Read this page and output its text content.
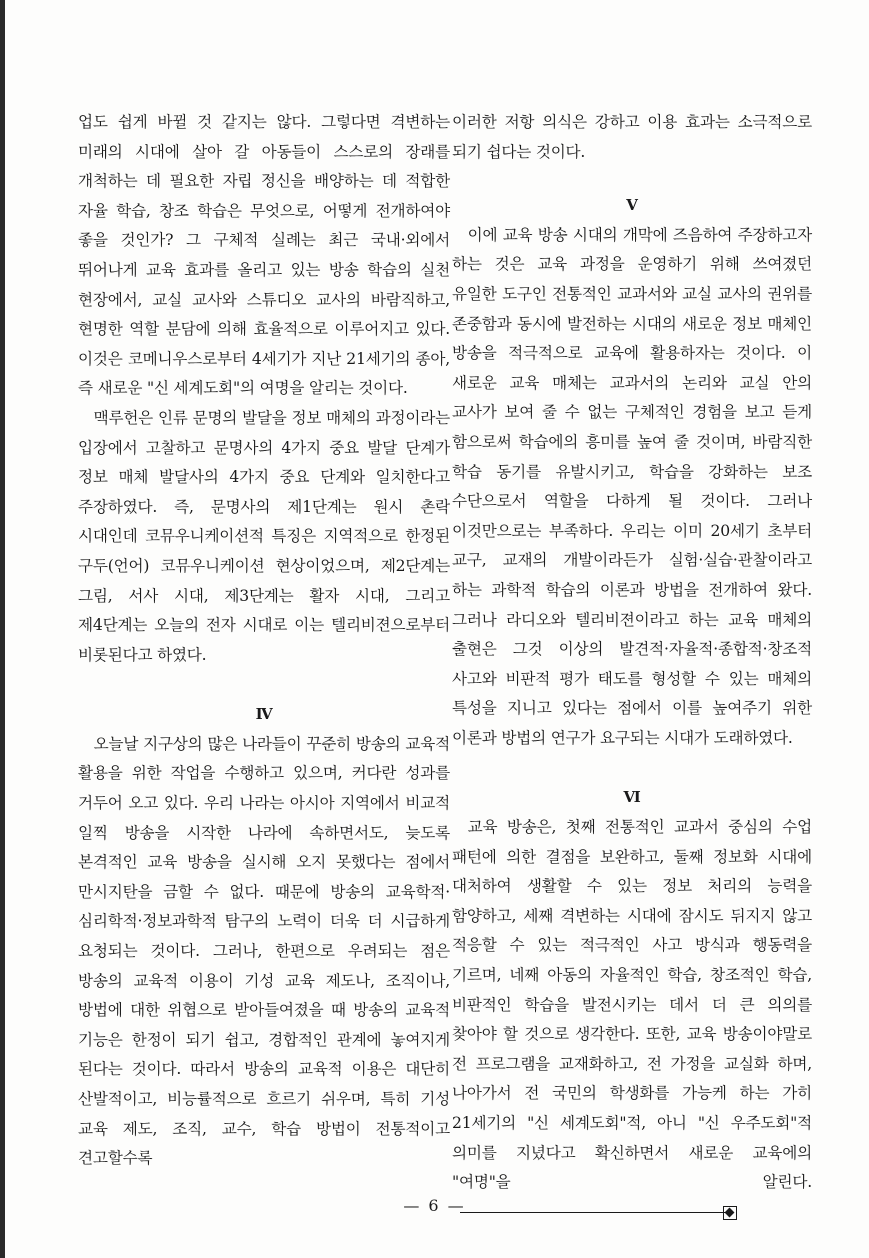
업도 쉽게 바뀔 것 같지는 않다. 그렇다면 격변하는 미래의 시대에 살아 갈 아동들이 스스로의 장래를 개척하는 데 필요한 자립 정신을 배양하는 데 적합한 자율 학습, 창조 학습은 무엇으로, 어떻게 전개하여야 좋을 것인가? 그 구체적 실례는 최근 국내·외에서 뛰어나게 교육 효과를 올리고 있는 방송 학습의 실천 현장에서, 교실 교사와 스튜디오 교사의 바람직하고, 현명한 역할 분담에 의해 효율적으로 이루어지고 있다. 이것은 코메니우스로부터 4세기가 지난 21세기의 종아, 즉 새로운 "신 세계도회"의 여명을 알리는 것이다.

맥루헌은 인류 문명의 발달을 정보 매체의 과정이라는 입장에서 고찰하고 문명사의 4가지 중요 발달 단계가 정보 매체 발달사의 4가지 중요 단계와 일치한다고 주장하였다. 즉, 문명사의 제1단계는 원시 촌락 시대인데 코뮤우니케이션적 특징은 지역적으로 한정된 구두(언어) 코뮤우니케이션 현상이었으며, 제2단계는 그림, 서사 시대, 제3단계는 활자 시대, 그리고 제4단계는 오늘의 전자 시대로 이는 텔리비젼으로부터 비롯된다고 하였다.

Ⅳ

오늘날 지구상의 많은 나라들이 꾸준히 방송의 교육적 활용을 위한 작업을 수행하고 있으며, 커다란 성과를 거두어 오고 있다. 우리 나라는 아시아 지역에서 비교적 일찍 방송을 시작한 나라에 속하면서도, 늦도록 본격적인 교육 방송을 실시해 오지 못했다는 점에서 만시지탄을 금할 수 없다. 때문에 방송의 교육학적·심리학적·정보과학적 탐구의 노력이 더욱 더 시급하게 요청되는 것이다. 그러나, 한편으로 우려되는 점은 방송의 교육적 이용이 기성 교육 제도나, 조직이나, 방법에 대한 위협으로 받아들여졌을 때 방송의 교육적 기능은 한정이 되기 쉽고, 경합적인 관계에 놓여지게 된다는 것이다. 따라서 방송의 교육적 이용은 대단히 산발적이고, 비능률적으로 흐르기 쉬우며, 특히 기성 교육 제도, 조직, 교수, 학습 방법이 전통적이고 견고할수록

이러한 저항 의식은 강하고 이용 효과는 소극적으로 되기 쉽다는 것이다.

Ⅴ

이에 교육 방송 시대의 개막에 즈음하여 주장하고자 하는 것은 교육 과정을 운영하기 위해 쓰여졌던 유일한 도구인 전통적인 교과서와 교실 교사의 권위를 존중함과 동시에 발전하는 시대의 새로운 정보 매체인 방송을 적극적으로 교육에 활용하자는 것이다. 이 새로운 교육 매체는 교과서의 논리와 교실 안의 교사가 보여 줄 수 없는 구체적인 경험을 보고 듣게 함으로써 학습에의 흥미를 높여 줄 것이며, 바람직한 학습 동기를 유발시키고, 학습을 강화하는 보조 수단으로서 역할을 다하게 될 것이다. 그러나 이것만으로는 부족하다. 우리는 이미 20세기 초부터 교구, 교재의 개발이라든가 실험·실습·관찰이라고 하는 과학적 학습의 이론과 방법을 전개하여 왔다. 그러나 라디오와 텔리비젼이라고 하는 교육 매체의 출현은 그것 이상의 발견적·자율적·종합적·창조적 사고와 비판적 평가 태도를 형성할 수 있는 매체의 특성을 지니고 있다는 점에서 이를 높여주기 위한 이론과 방법의 연구가 요구되는 시대가 도래하였다.

Ⅵ

교육 방송은, 첫째 전통적인 교과서 중심의 수업 패턴에 의한 결점을 보완하고, 둘째 정보화 시대에 대처하여 생활할 수 있는 정보 처리의 능력을 함양하고, 세째 격변하는 시대에 잠시도 뒤지지 않고 적응할 수 있는 적극적인 사고 방식과 행동력을 기르며, 네째 아동의 자율적인 학습, 창조적인 학습, 비판적인 학습을 발전시키는 데서 더 큰 의의를 찾아야 할 것으로 생각한다. 또한, 교육 방송이야말로 전 프로그램을 교재화하고, 전 가정을 교실화 하며, 나아가서 전 국민의 학생화를 가능케 하는 가히 21세기의 "신 세계도회"적, 아니 "신 우주도회"적 의미를 지녔다고 확신하면서 새로운 교육에의 "여명"을 알린다.

— 6 —
